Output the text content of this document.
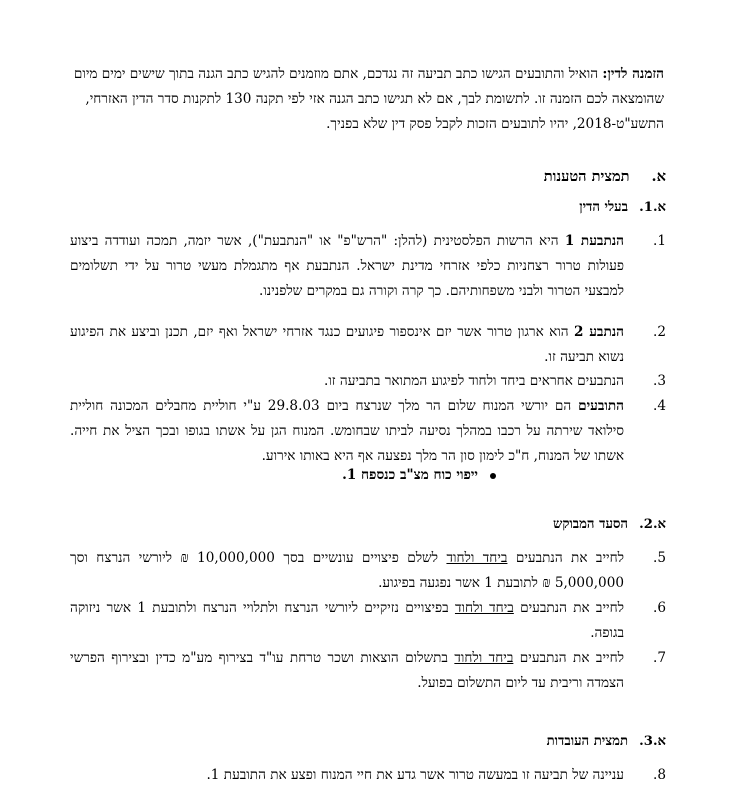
הזמנה לדין: הואיל והתובעים הגישו כתב תביעה זה נגדכם, אתם מוזמנים להגיש כתב הגנה בתוך שישים ימים מיום שהומצאה לכם הזמנה זו. לתשומת לבך, אם לא תגישו כתב הגנה אזי לפי תקנה 130 לתקנות סדר הדין האזרחי, התשע"ט-2018, יהיו לתובעים הזכות לקבל פסק דין שלא בפניך.
א.תמצית הטענות
א.1.בעלי הדין
1.
הנתבעת 1 היא הרשות הפלסטינית (להלן: "הרש"פ" או "הנתבעת"), אשר יזמה, תמכה ועודדה ביצוע פעולות טרור רצחניות כלפי אזרחי מדינת ישראל. הנתבעת אף מתגמלת מעשי טרור על ידי תשלומים למבצעי הטרור ולבני משפחותיהם. כך קרה וקורה גם במקרים שלפנינו.
2.
הנתבע 2 הוא ארגון טרור אשר יזם אינספור פיגועים כנגד אזרחי ישראל ואף יזם, תכנן וביצע את הפיגוע נשוא תביעה זו.
3.
הנתבעים אחראים ביחד ולחוד לפיגוע המתואר בתביעה זו.
4.
התובעים הם יורשי המנוח שלום הר מלך שנרצח ביום 29.8.03 ע"י חוליית מחבלים המכונה חוליית סילואד שירתה על רכבו במהלך נסיעה לביתו שבחומש. המנוח הגן על אשתו בגופו ובכך הציל את חייה. אשתו של המנוח, ח"כ לימון סון הר מלך נפצעה אף היא באותו אירוע.
ייפוי כוח מצ"ב כנספח 1.
א.2.הסעד המבוקש
5.
לחייב את הנתבעים ביחד ולחוד לשלם פיצויים עונשיים בסך 10,000,000 ₪ ליורשי הנרצח וסך 5,000,000 ₪ לתובעת 1 אשר נפגעה בפיגוע.
6.
לחייב את הנתבעים ביחד ולחוד בפיצויים נזיקיים ליורשי הנרצח ולתלויי הנרצח ולתובעת 1 אשר ניזוקה בגופה.
7.
לחייב את הנתבעים ביחד ולחוד בתשלום הוצאות ושכר טרחת עו"ד בצירוף מע"מ כדין ובצירוף הפרשי הצמדה וריבית עד ליום התשלום בפועל.
א.3.תמצית העובדות
8.
עניינה של תביעה זו במעשה טרור אשר גדע את חיי המנוח ופצע את התובעת 1.
